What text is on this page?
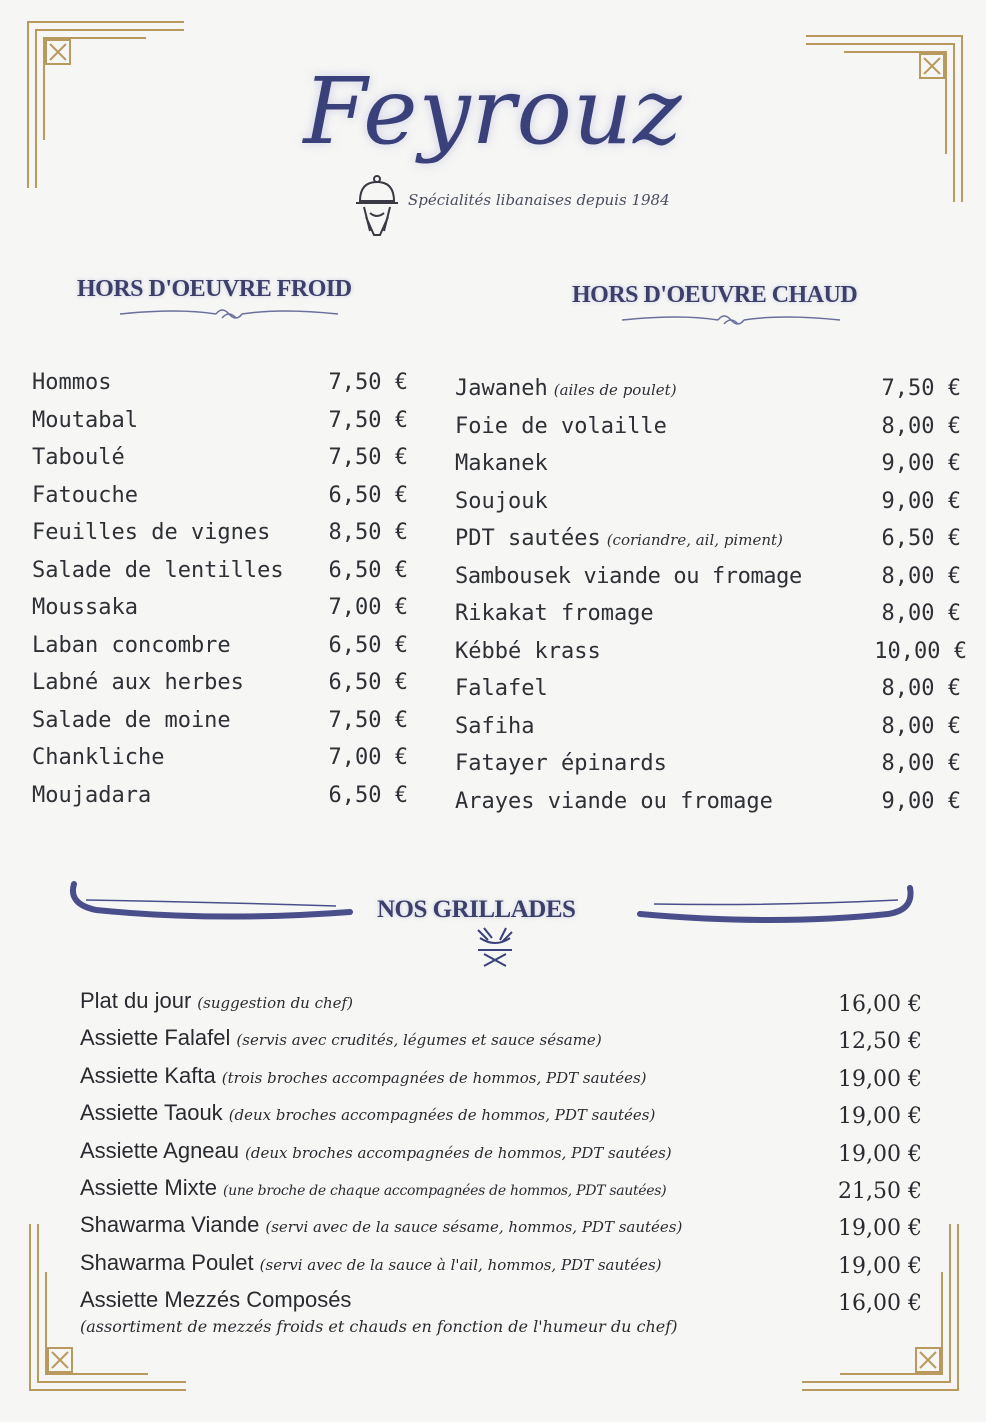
Feyrouz
Spécialités libanaises depuis 1984
HORS D'OEUVRE FROID	HORS D'OEUVRE CHAUD
Hommos	7,50 €
Moutabal	7,50 €
Taboulé	7,50 €
Fatouche	6,50 €
Feuilles de vignes	8,50 €
Salade de lentilles 6,50 €
Moussaka	7,00 €
Laban concombre	6,50 €
Labné aux herbes	6,50 €
Salade de moine	7,50 €
Chankliche	7,00 €
Moujadara	6,50 €
Jawaneh (ailes de poulet)	7,50 €
Foie de volaille	8,00 €
Makanek	9,00 €
Soujouk	9,00 €
PDT sautées (coriandre, ail, piment)	6,50 €
Sambousek viande ou fromage	8,00 €
Rikakat fromage	8,00 €
Kébbé krass	10,00 €
Falafel	8,00 €
Safiha	8,00 €
Fatayer épinards	8,00 €
Arayes viande ou fromage	9,00 €
NOS GRILLADES
Plat du jour (suggestion du chef)	16,00 €
Assiette Falafel (servis avec crudités, légumes et sauce sésame)	12,50 €
Assiette Kafta (trois broches accompagnées de hommos, PDT sautées)	19,00 €
Assiette Taouk (deux broches accompagnées de hommos, PDT sautées)	19,00 €
Assiette Agneau (deux broches accompagnées de hommos, PDT sautées)	19,00 €
Assiette Mixte (une broche de chaque accompagnées de hommos, PDT sautées)	21,50 €
Shawarma Viande (servi avec de la sauce sésame, hommos, PDT sautées)	19,00 €
Shawarma Poulet (servi avec de la sauce à l'ail, hommos, PDT sautées)	19,00 €
Assiette Mezzés Composés	16,00 €
(assortiment de mezzés froids et chauds en fonction de l'humeur du chef)
